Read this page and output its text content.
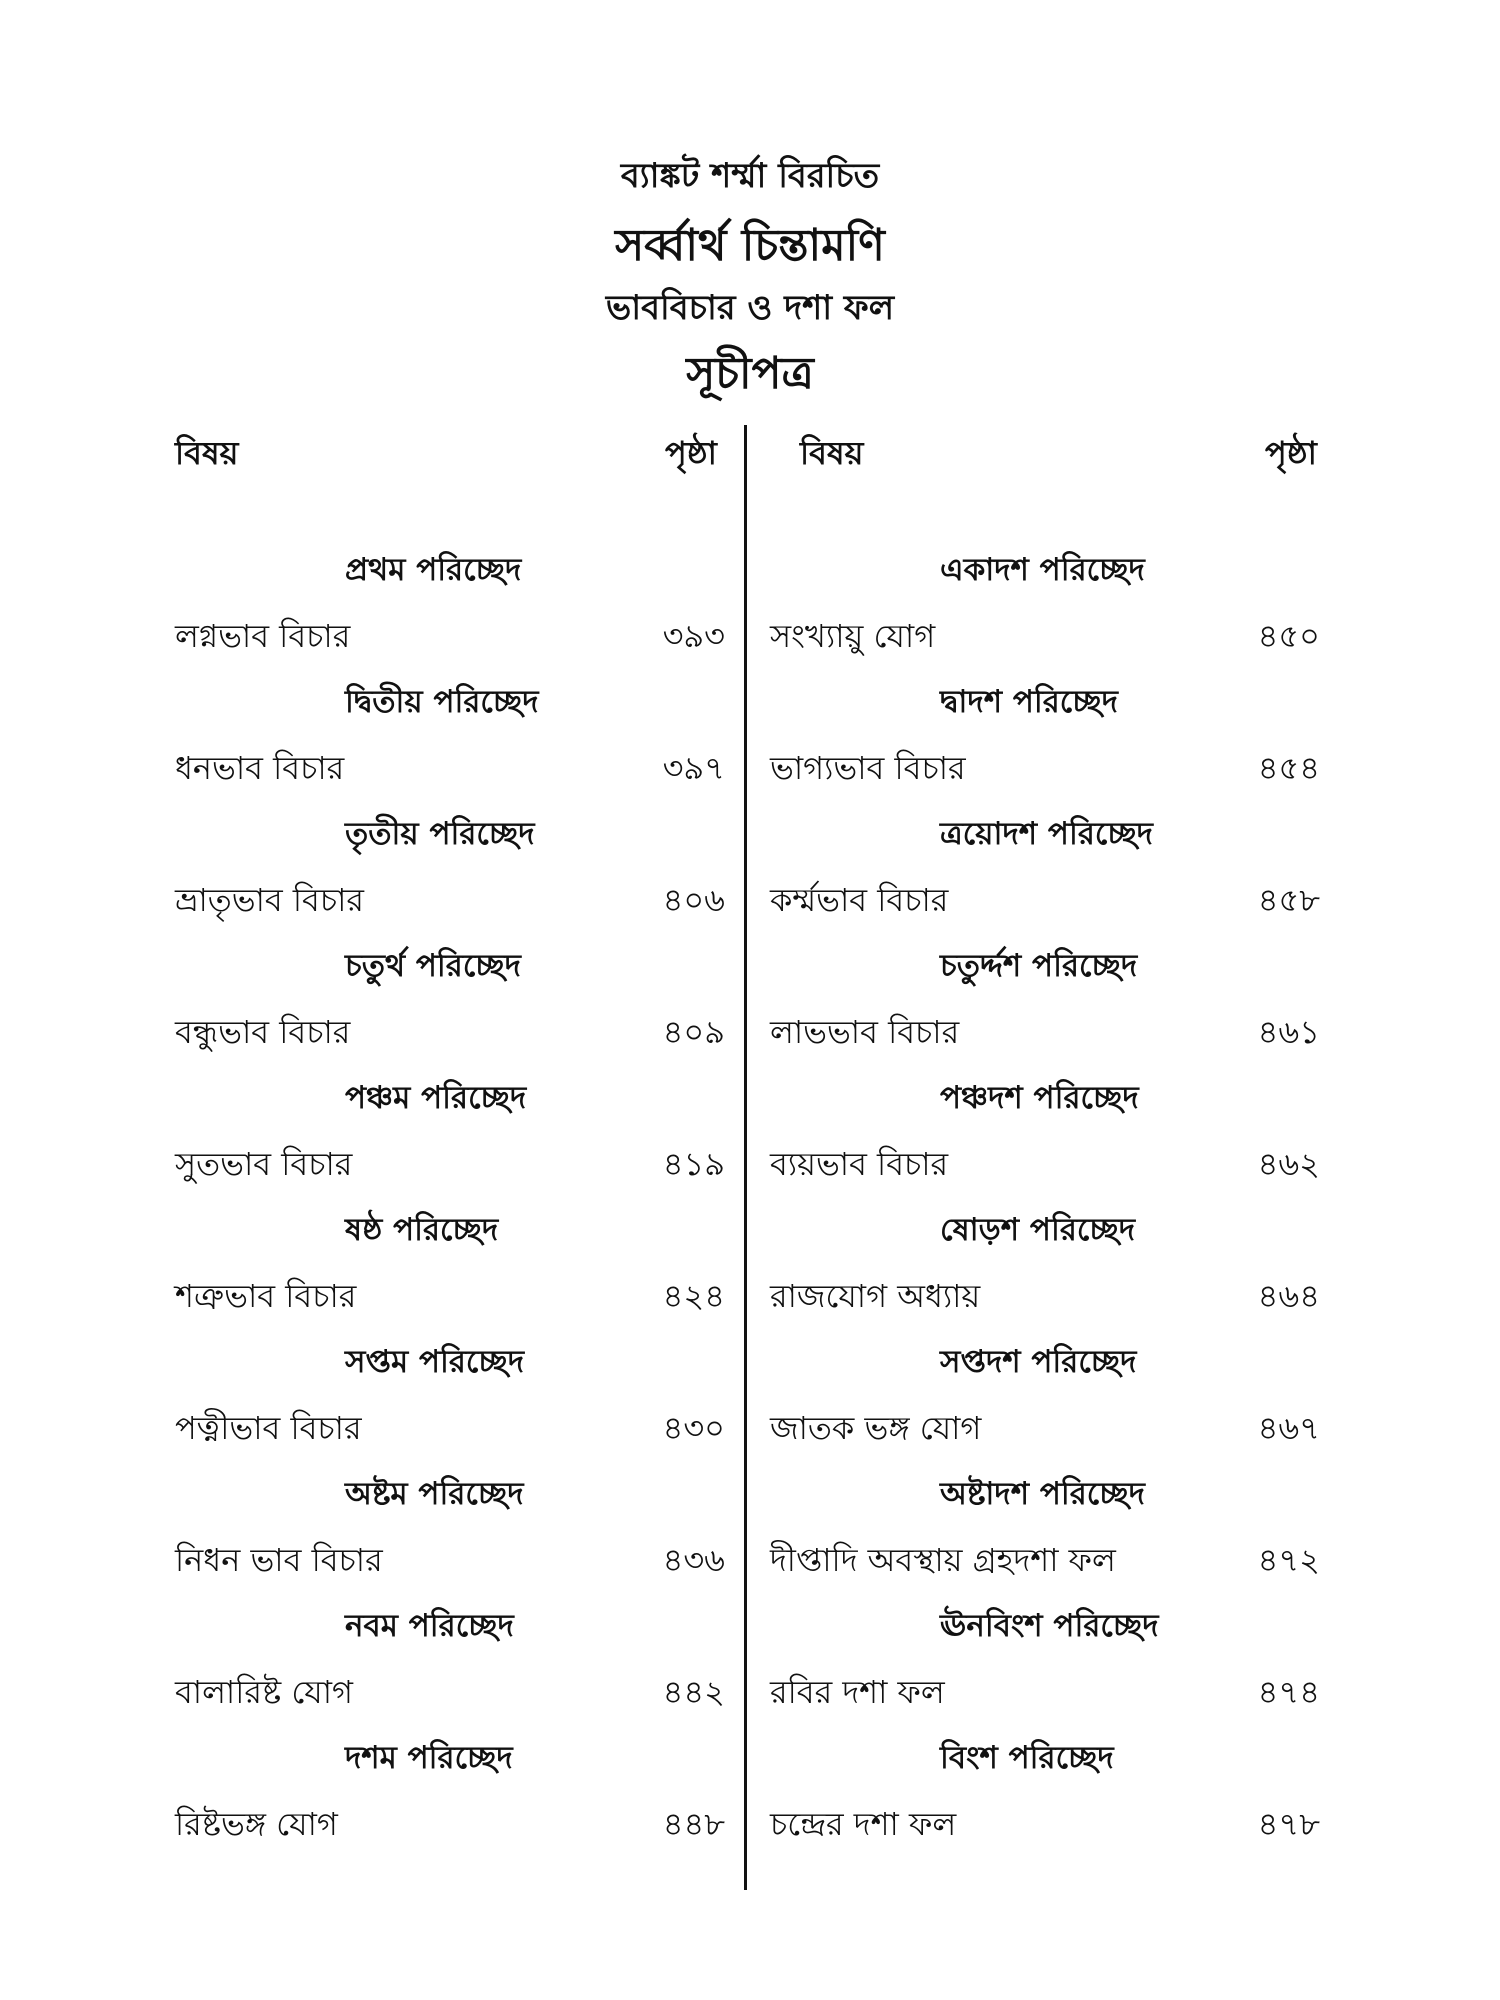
ব্যাঙ্কট শর্ম্মা বিরচিত
সর্ব্বার্থ চিন্তামণি
ভাববিচার ও দশা ফল
সূচীপত্র
বিষয়	পৃষ্ঠা	বিষয়	পৃষ্ঠা
প্রথম পরিচ্ছেদ
লগ্নভাব বিচার	৩৯৩
দ্বিতীয় পরিচ্ছেদ
ধনভাব বিচার	৩৯৭
তৃতীয় পরিচ্ছেদ
ভ্রাতৃভাব বিচার	৪০৬
চতুর্থ পরিচ্ছেদ
বন্ধুভাব বিচার	৪০৯
পঞ্চম পরিচ্ছেদ
সুতভাব বিচার	৪১৯
ষষ্ঠ পরিচ্ছেদ
শত্রুভাব বিচার	৪২৪
সপ্তম পরিচ্ছেদ
পত্নীভাব বিচার	৪৩০
অষ্টম পরিচ্ছেদ
নিধন ভাব বিচার	৪৩৬
নবম পরিচ্ছেদ
বালারিষ্ট যোগ	৪৪২
দশম পরিচ্ছেদ
রিষ্টভঙ্গ যোগ	৪৪৮
একাদশ পরিচ্ছেদ
সংখ্যায়ু যোগ	৪৫০
দ্বাদশ পরিচ্ছেদ
ভাগ্যভাব বিচার	৪৫৪
ত্রয়োদশ পরিচ্ছেদ
কর্ম্মভাব বিচার	৪৫৮
চতুর্দ্দশ পরিচ্ছেদ
লাভভাব বিচার	৪৬১
পঞ্চদশ পরিচ্ছেদ
ব্যয়ভাব বিচার	৪৬২
ষোড়শ পরিচ্ছেদ
রাজযোগ অধ্যায়	৪৬৪
সপ্তদশ পরিচ্ছেদ
জাতক ভঙ্গ যোগ	৪৬৭
অষ্টাদশ পরিচ্ছেদ
দীপ্তাদি অবস্থায় গ্রহদশা ফল	৪৭২
ঊনবিংশ পরিচ্ছেদ
রবির দশা ফল	৪৭৪
বিংশ পরিচ্ছেদ
চন্দ্রের দশা ফল	৪৭৮
